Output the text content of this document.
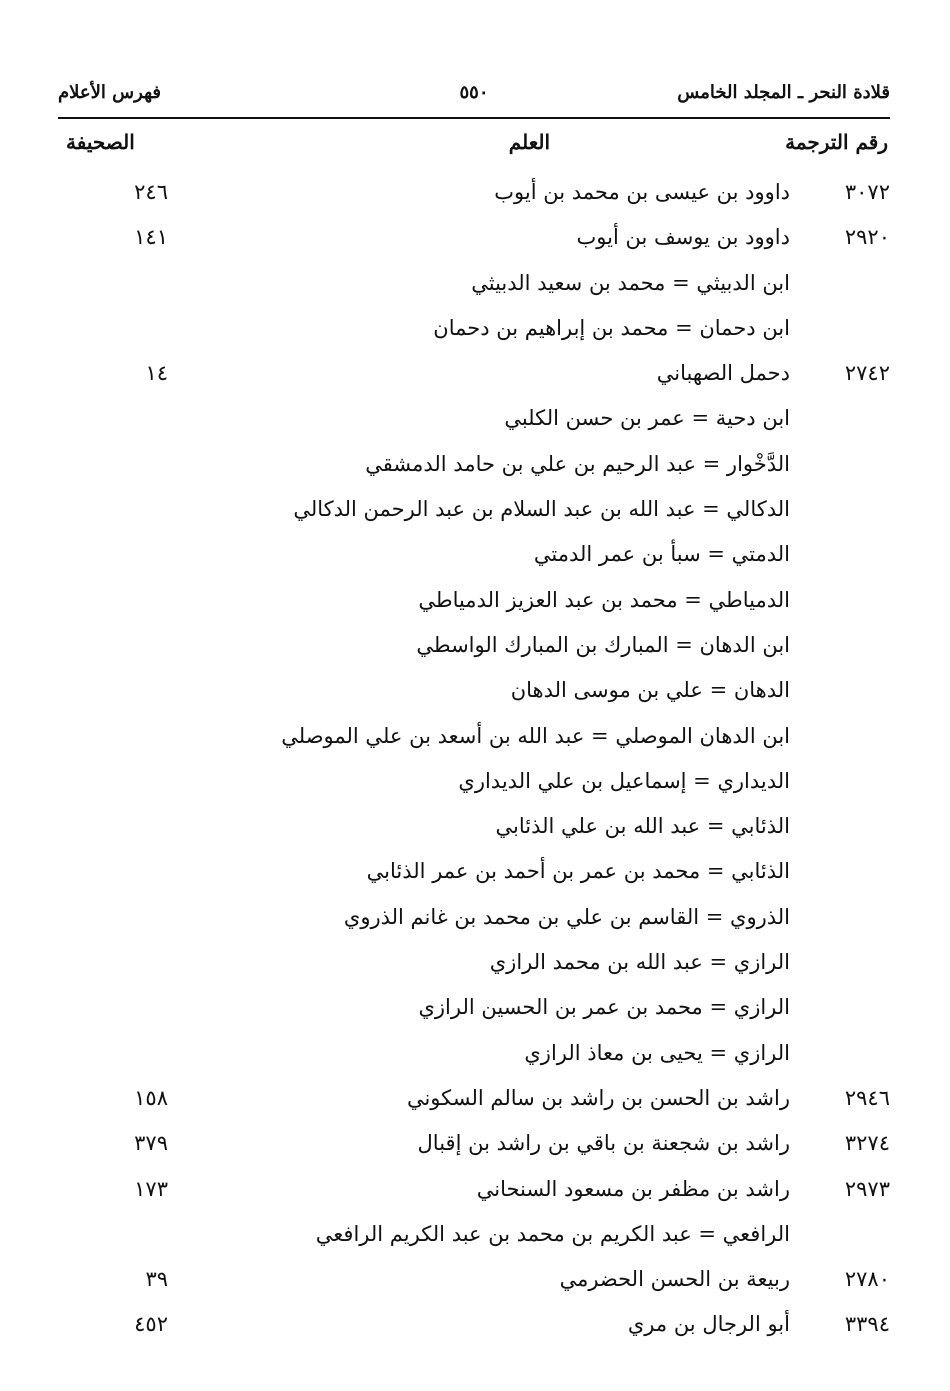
قلادة النحر ـ المجلد الخامس
٥٥٠
فهرس الأعلام
رقم الترجمة
العلم
الصحيفة
٣٠٧٢
داوود بن عيسى بن محمد بن أيوب
٢٤٦
٢٩٢٠
داوود بن يوسف بن أيوب
١٤١
ابن الدبيثي = محمد بن سعيد الدبيثي
ابن دحمان = محمد بن إبراهيم بن دحمان
٢٧٤٢
دحمل الصهباني
١٤
ابن دحية = عمر بن حسن الكلبي
الدَّخْوار = عبد الرحيم بن علي بن حامد الدمشقي
الدكالي = عبد الله بن عبد السلام بن عبد الرحمن الدكالي
الدمتي = سبأ بن عمر الدمتي
الدمياطي = محمد بن عبد العزيز الدمياطي
ابن الدهان = المبارك بن المبارك الواسطي
الدهان = علي بن موسى الدهان
ابن الدهان الموصلي = عبد الله بن أسعد بن علي الموصلي
الديداري = إسماعيل بن علي الديداري
الذئابي = عبد الله بن علي الذئابي
الذئابي = محمد بن عمر بن أحمد بن عمر الذئابي
الذروي = القاسم بن علي بن محمد بن غانم الذروي
الرازي = عبد الله بن محمد الرازي
الرازي = محمد بن عمر بن الحسين الرازي
الرازي = يحيى بن معاذ الرازي
٢٩٤٦
راشد بن الحسن بن راشد بن سالم السكوني
١٥٨
٣٢٧٤
راشد بن شجعنة بن باقي بن راشد بن إقبال
٣٧٩
٢٩٧٣
راشد بن مظفر بن مسعود السنحاني
١٧٣
الرافعي = عبد الكريم بن محمد بن عبد الكريم الرافعي
٢٧٨٠
ربيعة بن الحسن الحضرمي
٣٩
٣٣٩٤
أبو الرجال بن مري
٤٥٢
